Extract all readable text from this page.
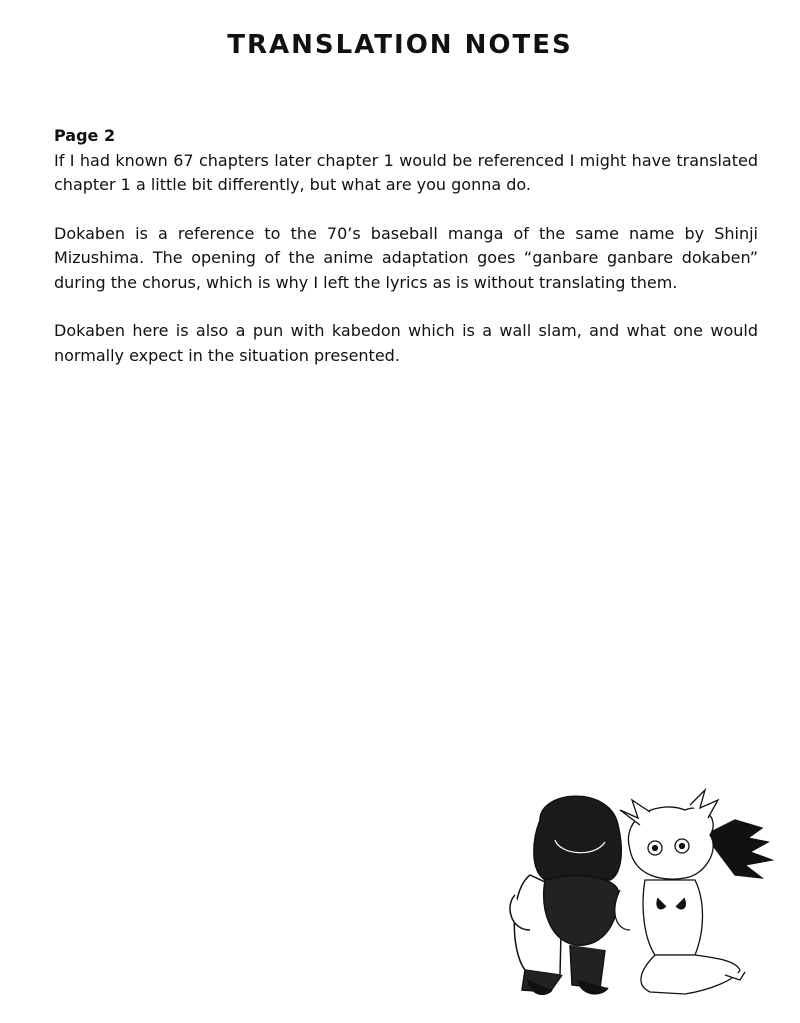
TRANSLATION NOTES
Page 2

If I had known 67 chapters later chapter 1 would be referenced I might have translated chapter 1 a little bit differently, but what are you gonna do.

Dokaben is a reference to the 70’s baseball manga of the same name by Shinji Mizushima. The opening of the anime adaptation goes “ganbare ganbare dokaben” during the chorus, which is why I left the lyrics as is without translating them.

Dokaben here is also a pun with kabedon which is a wall slam, and what one would normally expect in the situation presented.
